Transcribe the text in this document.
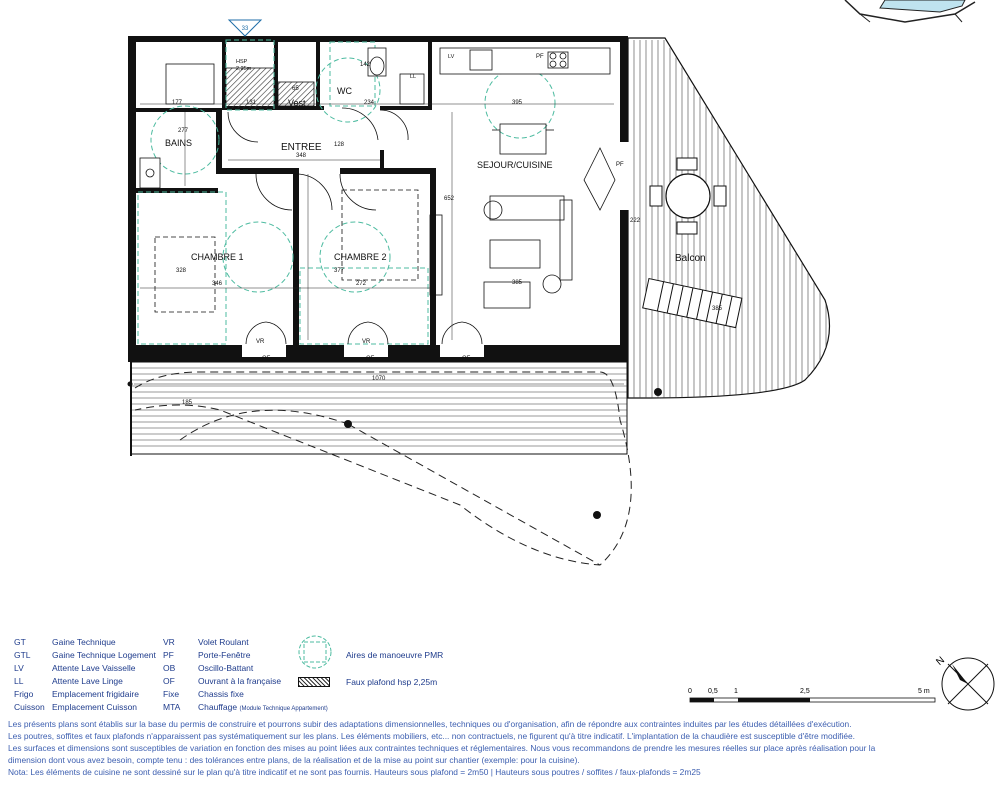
Balcon
385
33
HSP
2,25m
Vest
WC
BAINS	ENTREE
SEJOUR/CUISINE
CHAMBRE 1	CHAMBRE 2
177	131
65
142
234
277
348
395
652
328
346
377
272	385
222
1070
128
185
VR
OF
VR
OF	OF
PF
PF
LL
LV
GT	Gaine Technique
GTL	Gaine Technique Logement
LV	Attente Lave Vaisselle
LL	Attente Lave Linge
Frigo Emplacement frigidaire
Cuisson Emplacement Cuisson
VR	Volet Roulant
PF	Porte-Fenêtre
OB	Oscillo-Battant
OF	Ouvrant à la française
Fixe Chassis fixe
MTA Chauffage (Module Technique Appartement)
Aires de manoeuvre PMR
Faux plafond hsp 2,25m
0 0,5 1	2,5	5 m
N
Les présents plans sont établis sur la base du permis de construire et pourrons subir des adaptations dimensionnelles, techniques ou d'organisation, afin de répondre aux contraintes induites par les études détaillées d'exécution.
Les poutres, soffites et faux plafonds n'apparaissent pas systématiquement sur les plans. Les éléments mobiliers, etc... non contractuels, ne figurent qu'à titre indicatif. L'implantation de la chaudière est susceptible d'être modifiée.
Les surfaces et dimensions sont susceptibles de variation en fonction des mises au point liées aux contraintes techniques et réglementaires. Nous vous recommandons de prendre les mesures réelles sur place après réalisation pour la
dimension dont vous avez besoin, compte tenu : des tolérances entre plans, de la réalisation et de la mise au point sur chantier (exemple: pour la cuisine).
Nota: Les éléments de cuisine ne sont dessiné sur le plan qu'à titre indicatif et ne sont pas fournis. Hauteurs sous plafond = 2m50 | Hauteurs sous poutres / soffites / faux-plafonds = 2m25
